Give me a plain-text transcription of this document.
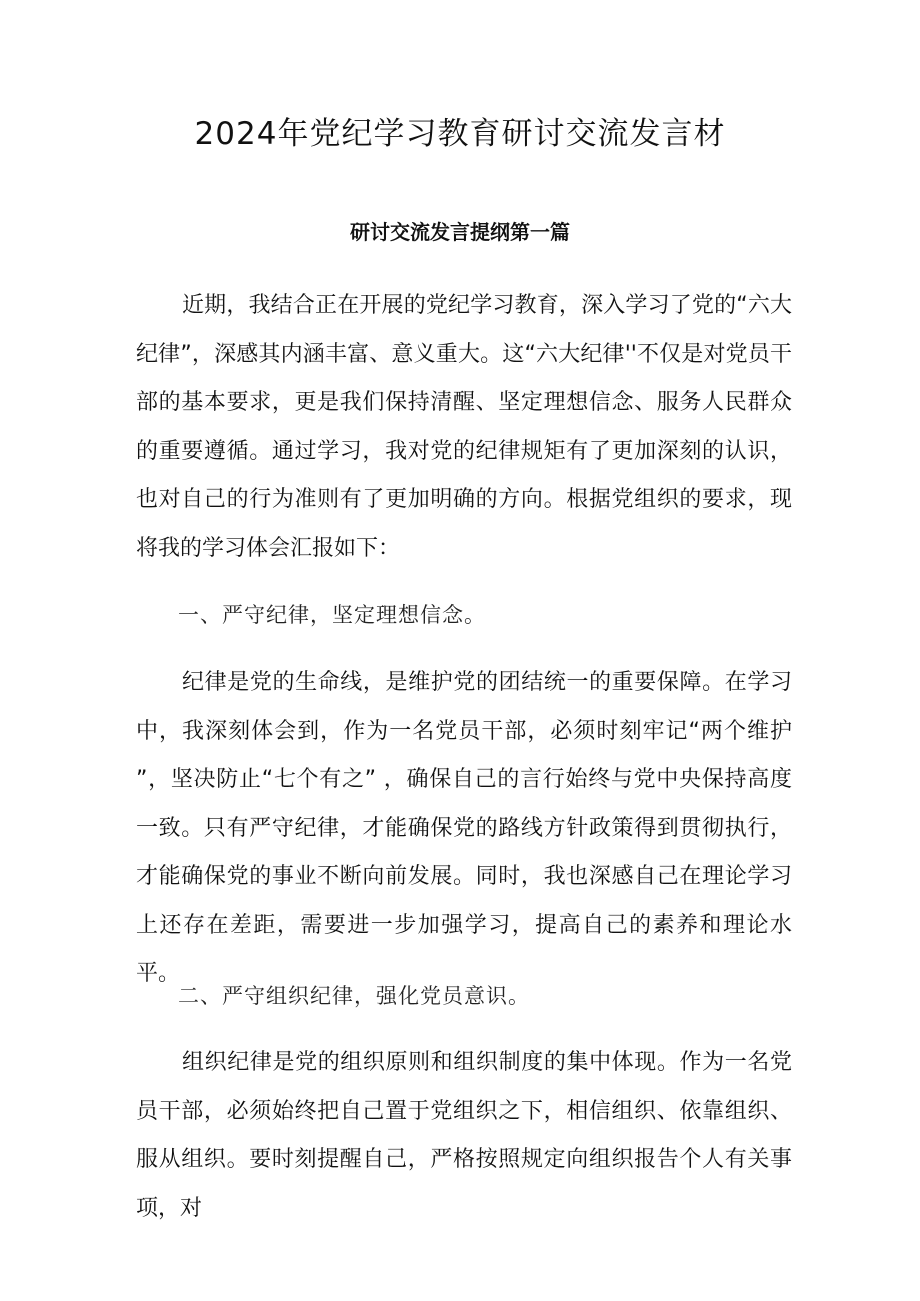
2024年党纪学习教育研讨交流发言材
研讨交流发言提纲第一篇

近期，我结合正在开展的党纪学习教育，深入学习了党的“六大纪律”，深感其内涵丰富、意义重大。这“六大纪律''不仅是对党员干部的基本要求，更是我们保持清醒、坚定理想信念、服务人民群众的重要遵循。通过学习，我对党的纪律规矩有了更加深刻的认识，也对自己的行为准则有了更加明确的方向。根据党组织的要求，现将我的学习体会汇报如下：

一、严守纪律，坚定理想信念。

纪律是党的生命线，是维护党的团结统一的重要保障。在学习中，我深刻体会到，作为一名党员干部，必须时刻牢记“两个维护 ”，坚决防止“七个有之” ，确保自己的言行始终与党中央保持高度一致。只有严守纪律，才能确保党的路线方针政策得到贯彻执行，才能确保党的事业不断向前发展。同时，我也深感自己在理论学习上还存在差距，需要进一步加强学习，提高自己的素养和理论水平。

二、严守组织纪律，强化党员意识。

组织纪律是党的组织原则和组织制度的集中体现。作为一名党员干部，必须始终把自己置于党组织之下，相信组织、依靠组织、服从组织。要时刻提醒自己，严格按照规定向组织报告个人有关事项，对
